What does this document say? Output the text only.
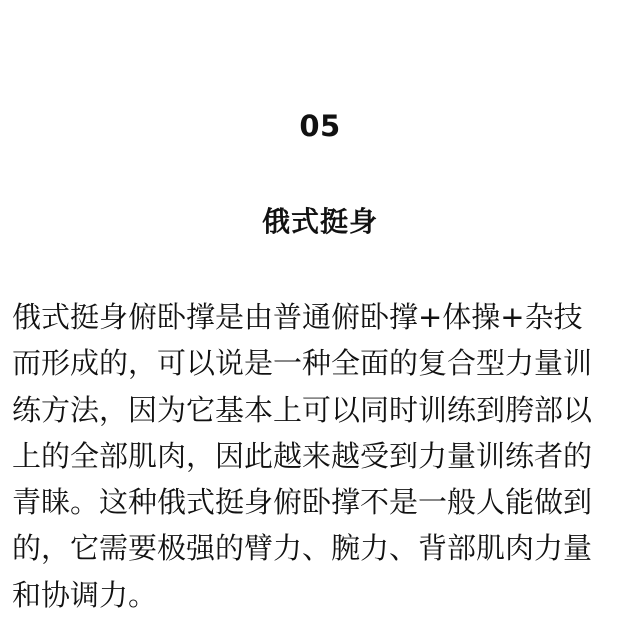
05
俄式挺身

俄式挺身俯卧撑是由普通俯卧撑+体操+杂技
而形成的，可以说是一种全面的复合型力量训
练方法，因为它基本上可以同时训练到胯部以
上的全部肌肉，因此越来越受到力量训练者的
青睐。这种俄式挺身俯卧撑不是一般人能做到
的，它需要极强的臂力、腕力、背部肌肉力量
和协调力。
